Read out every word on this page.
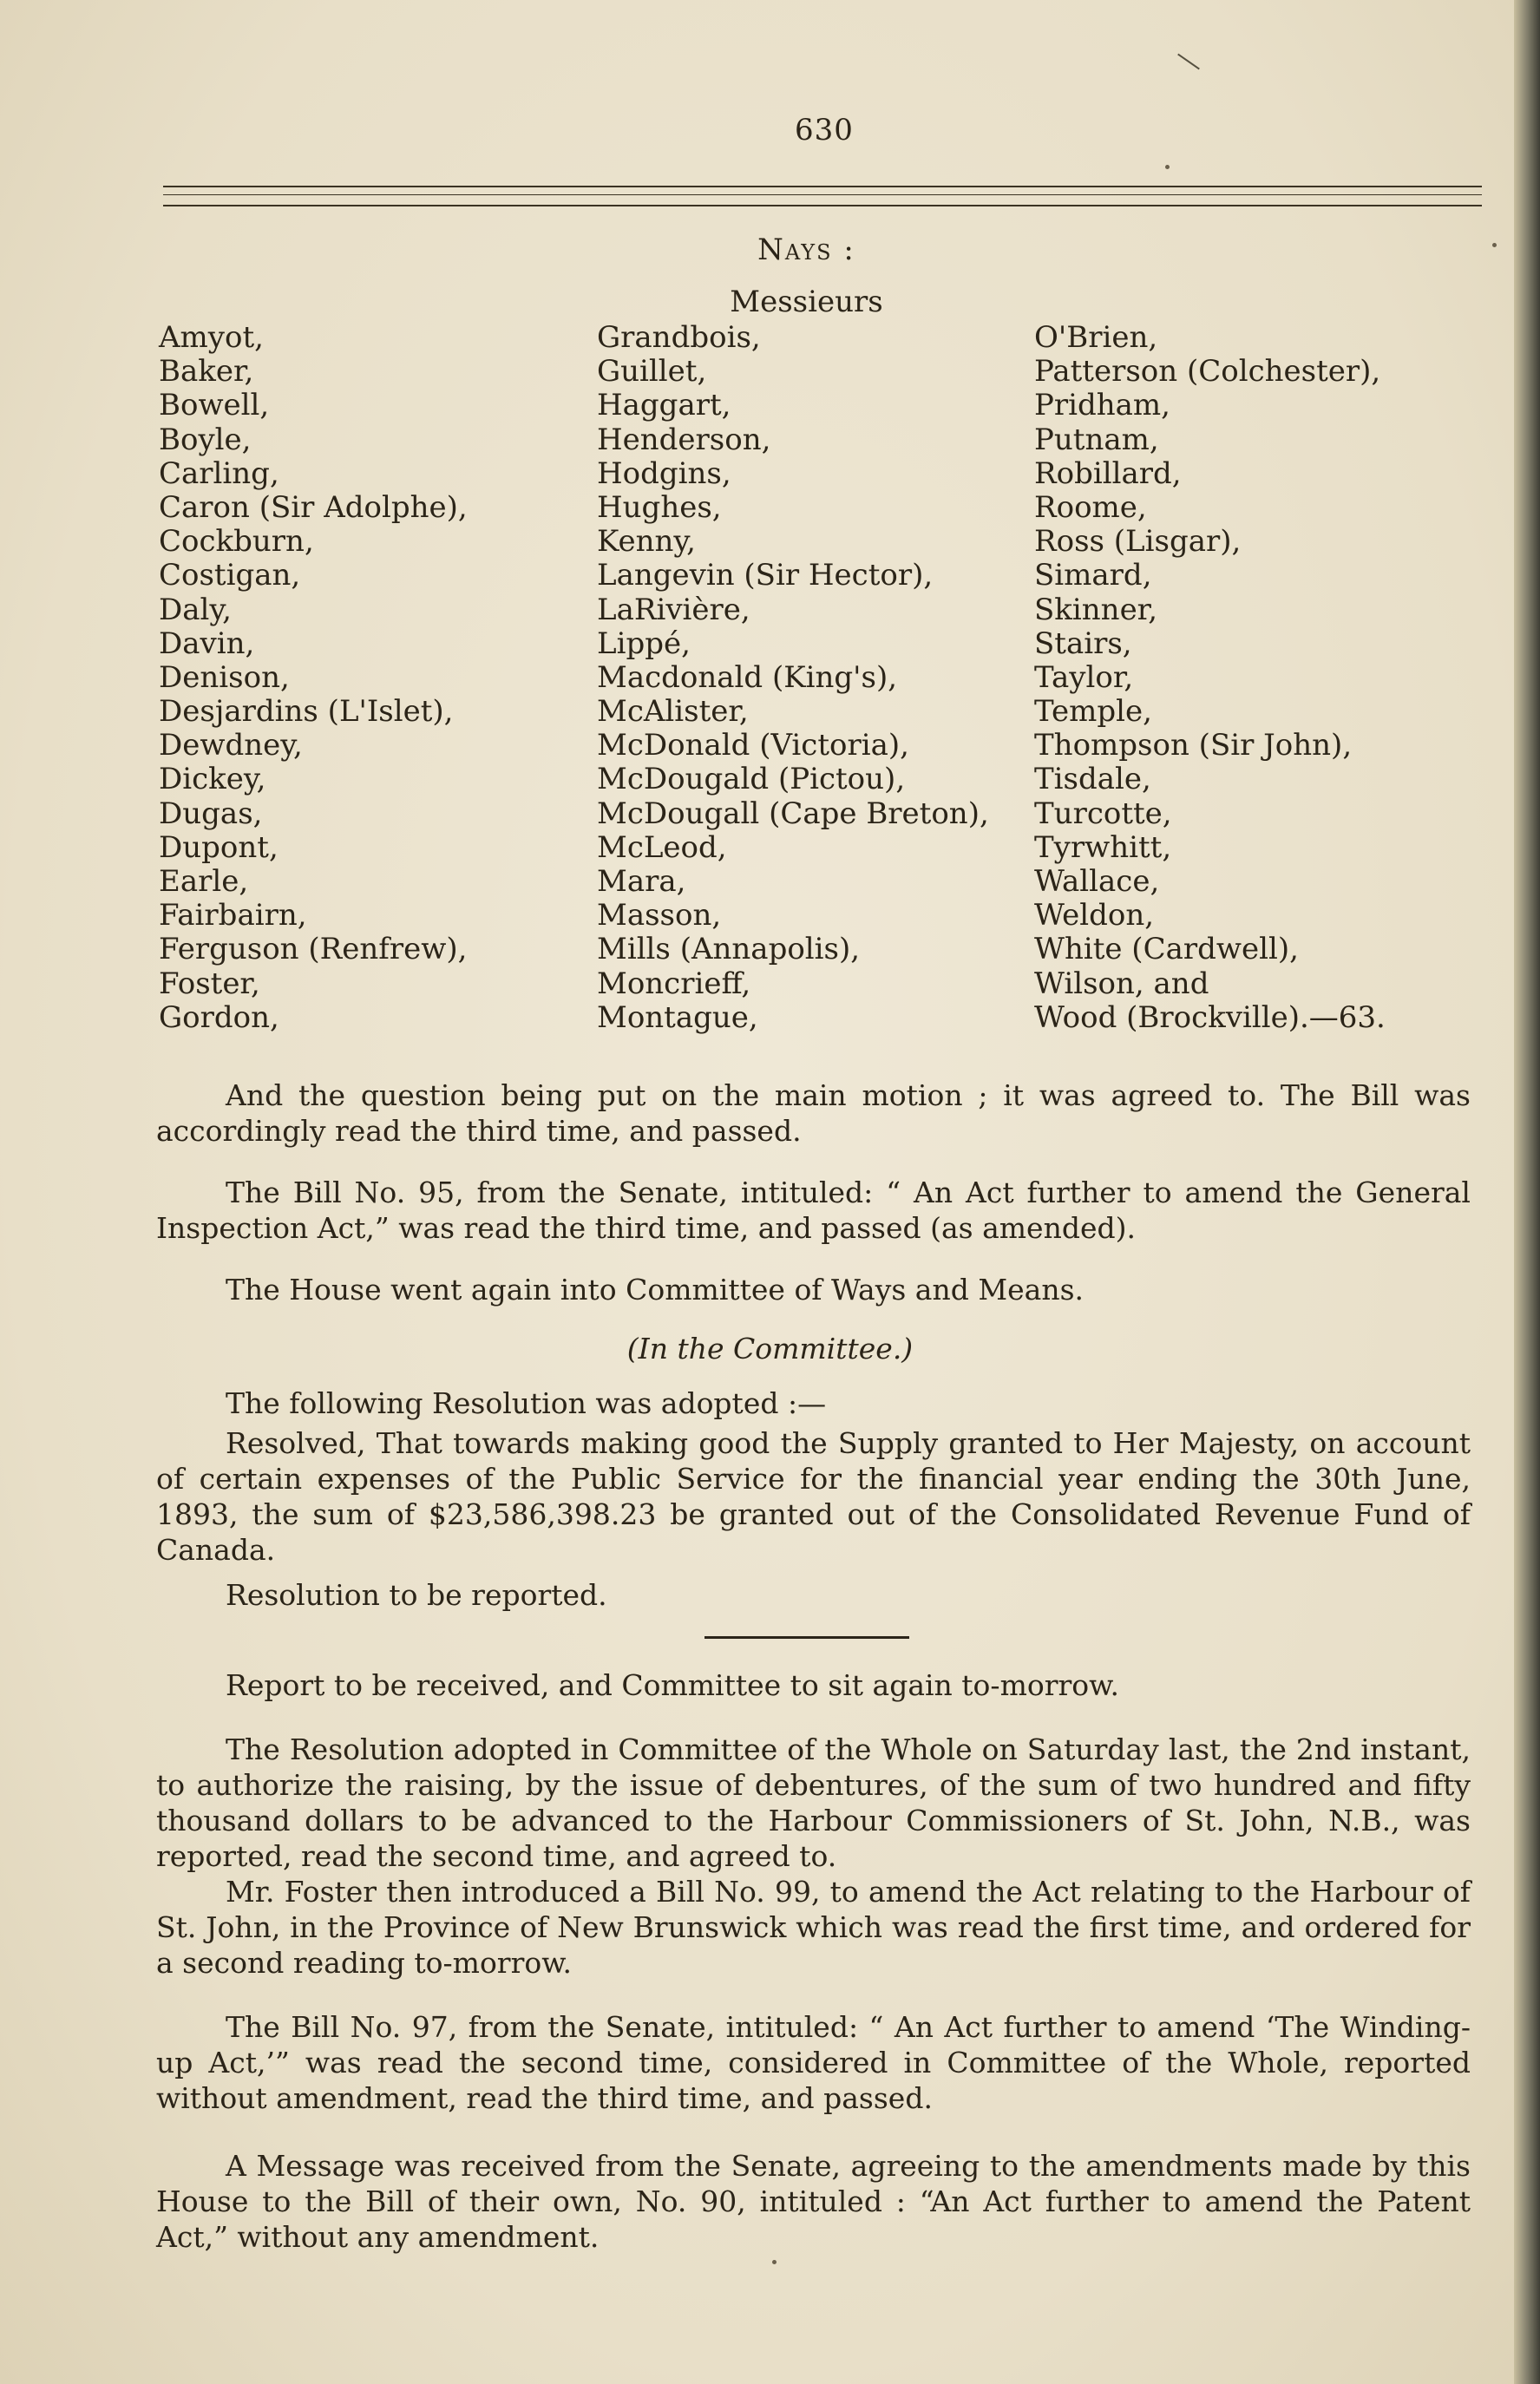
630
Nays :
Messieurs
Amyot,
Baker,
Bowell,
Boyle,
Carling,
Caron (Sir Adolphe),
Cockburn,
Costigan,
Daly,
Davin,
Denison,
Desjardins (L'Islet),
Dewdney,
Dickey,
Dugas,
Dupont,
Earle,
Fairbairn,
Ferguson (Renfrew),
Foster,
Gordon,
Grandbois,
Guillet,
Haggart,
Henderson,
Hodgins,
Hughes,
Kenny,
Langevin (Sir Hector),
LaRivière,
Lippé,
Macdonald (King's),
McAlister,
McDonald (Victoria),
McDougald (Pictou),
McDougall (Cape Breton),
McLeod,
Mara,
Masson,
Mills (Annapolis),
Moncrieff,
Montague,
O'Brien,
Patterson (Colchester),
Pridham,
Putnam,
Robillard,
Roome,
Ross (Lisgar),
Simard,
Skinner,
Stairs,
Taylor,
Temple,
Thompson (Sir John),
Tisdale,
Turcotte,
Tyrwhitt,
Wallace,
Weldon,
White (Cardwell),
Wilson, and
Wood (Brockville).—63.
And the question being put on the main motion ; it was agreed to. The Bill was accordingly read the third time, and passed.
The Bill No. 95, from the Senate, intituled: “ An Act further to amend the General Inspection Act,” was read the third time, and passed (as amended).
The House went again into Committee of Ways and Means.
(In the Committee.)
The following Resolution was adopted :—
Resolved, That towards making good the Supply granted to Her Majesty, on account of certain expenses of the Public Service for the financial year ending the 30th June, 1893, the sum of $23,586,398.23 be granted out of the Consolidated Revenue Fund of Canada.
Resolution to be reported.
Report to be received, and Committee to sit again to-morrow.
The Resolution adopted in Committee of the Whole on Saturday last, the 2nd instant, to authorize the raising, by the issue of debentures, of the sum of two hundred and fifty thousand dollars to be advanced to the Harbour Commissioners of St. John, N.B., was reported, read the second time, and agreed to.
Mr. Foster then introduced a Bill No. 99, to amend the Act relating to the Harbour of St. John, in the Province of New Brunswick which was read the first time, and ordered for a second reading to-morrow.
The Bill No. 97, from the Senate, intituled: “ An Act further to amend ‘The Winding-up Act,’” was read the second time, considered in Committee of the Whole, reported without amendment, read the third time, and passed.
A Message was received from the Senate, agreeing to the amendments made by this House to the Bill of their own, No. 90, intituled : “An Act further to amend the Patent Act,” without any amendment.
